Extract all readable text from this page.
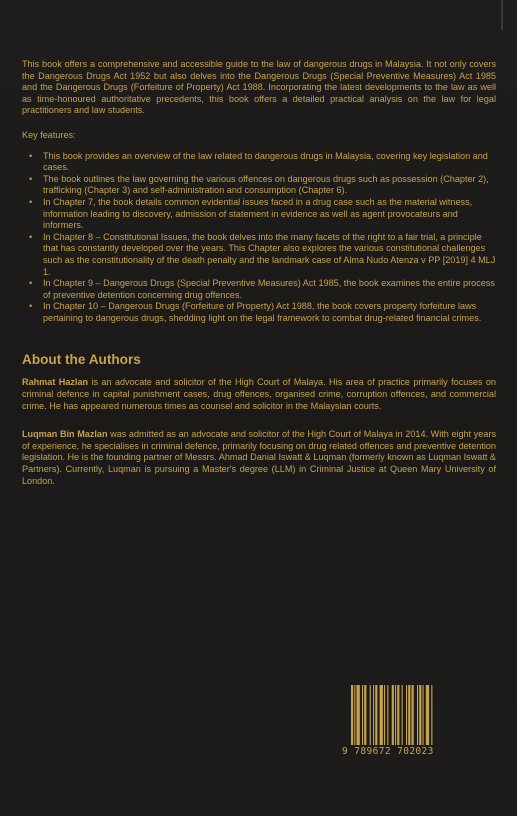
This book offers a comprehensive and accessible guide to the law of dangerous drugs in Malaysia. It not only covers the Dangerous Drugs Act 1952 but also delves into the Dangerous Drugs (Special Preventive Measures) Act 1985 and the Dangerous Drugs (Forfeiture of Property) Act 1988. Incorporating the latest developments to the law as well as time-honoured authoritative precedents, this book offers a detailed practical analysis on the law for legal practitioners and law students.

Key features:

• This book provides an overview of the law related to dangerous drugs in Malaysia, covering key legislation and cases.
• The book outlines the law governing the various offences on dangerous drugs such as possession (Chapter 2), trafficking (Chapter 3) and self-administration and consumption (Chapter 6).
• In Chapter 7, the book details common evidential issues faced in a drug case such as the material witness, information leading to discovery, admission of statement in evidence as well as agent provocateurs and informers.
• In Chapter 8 – Constitutional Issues, the book delves into the many facets of the right to a fair trial, a principle that has constantly developed over the years. This Chapter also explores the various constitutional challenges such as the constitutionality of the death penalty and the landmark case of Alma Nudo Atenza v PP [2019] 4 MLJ 1.
• In Chapter 9 – Dangerous Drugs (Special Preventive Measures) Act 1985, the book examines the entire process of preventive detention concerning drug offences.
• In Chapter 10 – Dangerous Drugs (Forfeiture of Property) Act 1988, the book covers property forfeiture laws pertaining to dangerous drugs, shedding light on the legal framework to combat drug-related financial crimes.
About the Authors

Rahmat Hazlan is an advocate and solicitor of the High Court of Malaya. His area of practice primarily focuses on criminal defence in capital punishment cases, drug offences, organised crime, corruption offences, and commercial crime. He has appeared numerous times as counsel and solicitor in the Malaysian courts.

Luqman Bin Mazlan was admitted as an advocate and solicitor of the High Court of Malaya in 2014. With eight years of experience, he specialises in criminal defence, primarily focusing on drug related offences and preventive detention legislation. He is the founding partner of Messrs. Ahmad Danial Iswatt & Luqman (formerly known as Luqman Iswatt & Partners). Currently, Luqman is pursuing a Master's degree (LLM) in Criminal Justice at Queen Mary University of London.

9 789672 702023
